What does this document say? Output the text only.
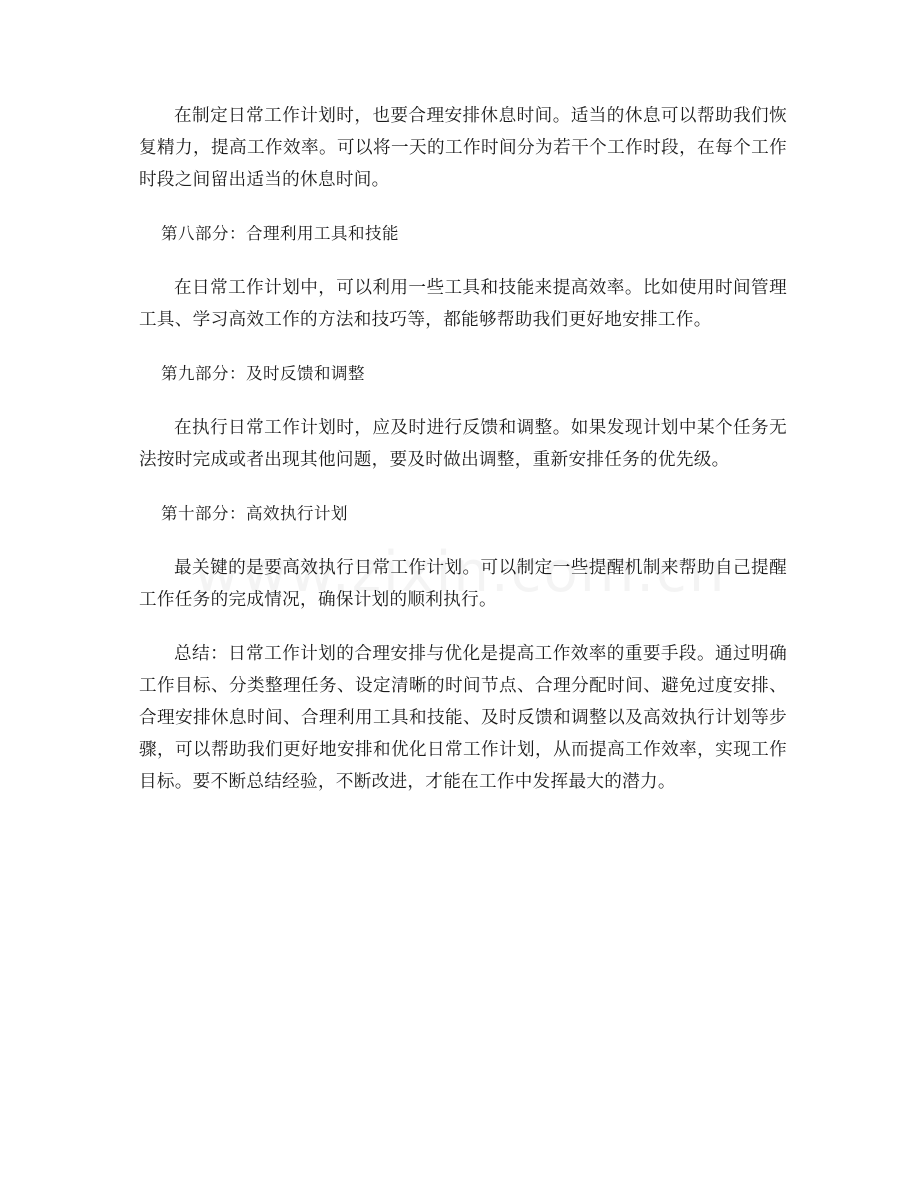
在制定日常工作计划时，也要合理安排休息时间。适当的休息可以帮助我们恢复精力，提高工作效率。可以将一天的工作时间分为若干个工作时段，在每个工作时段之间留出适当的休息时间。

第八部分：合理利用工具和技能

在日常工作计划中，可以利用一些工具和技能来提高效率。比如使用时间管理工具、学习高效工作的方法和技巧等，都能够帮助我们更好地安排工作。

第九部分：及时反馈和调整

在执行日常工作计划时，应及时进行反馈和调整。如果发现计划中某个任务无法按时完成或者出现其他问题，要及时做出调整，重新安排任务的优先级。

第十部分：高效执行计划

最关键的是要高效执行日常工作计划。可以制定一些提醒机制来帮助自己提醒工作任务的完成情况，确保计划的顺利执行。

总结：日常工作计划的合理安排与优化是提高工作效率的重要手段。通过明确工作目标、分类整理任务、设定清晰的时间节点、合理分配时间、避免过度安排、合理安排休息时间、合理利用工具和技能、及时反馈和调整以及高效执行计划等步骤，可以帮助我们更好地安排和优化日常工作计划，从而提高工作效率，实现工作目标。要不断总结经验，不断改进，才能在工作中发挥最大的潜力。
